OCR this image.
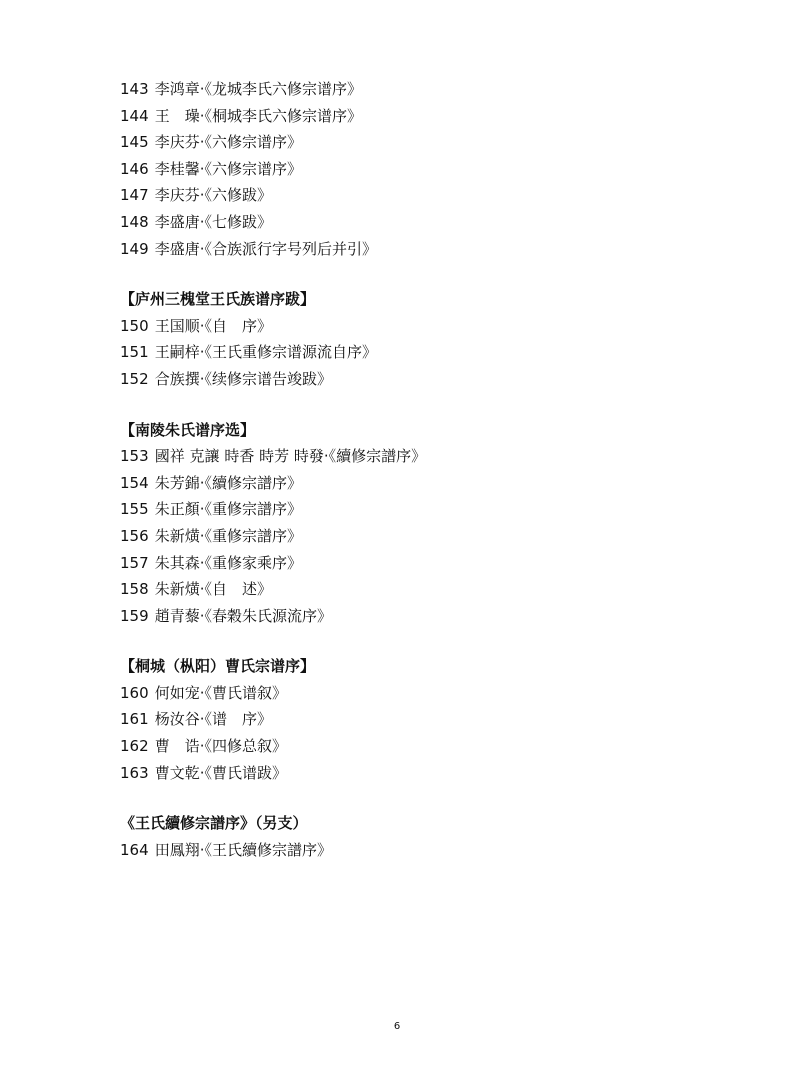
143 李鸿章·《龙城李氏六修宗谱序》
144 王　璪·《桐城李氏六修宗谱序》
145 李庆芬·《六修宗谱序》
146 李桂馨·《六修宗谱序》
147 李庆芬·《六修跋》
148 李盛唐·《七修跋》
149 李盛唐·《合族派行字号列后并引》
【庐州三槐堂王氏族谱序跋】
150 王国顺·《自　序》
151 王嗣梓·《王氏重修宗谱源流自序》
152 合族撰·《续修宗谱告竣跋》
【南陵朱氏谱序选】
153 國祥 克讓 時香 時芳 時發·《續修宗譜序》
154 朱芳錦·《續修宗譜序》
155 朱正顏·《重修宗譜序》
156 朱新熿·《重修宗譜序》
157 朱其森·《重修家乘序》
158 朱新熿·《自　述》
159 趙青藜·《春穀朱氏源流序》
【桐城（枞阳）曹氏宗谱序】
160 何如宠·《曹氏谱叙》
161 杨汝谷·《谱　序》
162 曹　诰·《四修总叙》
163 曹文乾·《曹氏谱跋》
《王氏續修宗譜序》（另支）
164 田鳳翔·《王氏續修宗譜序》
6
